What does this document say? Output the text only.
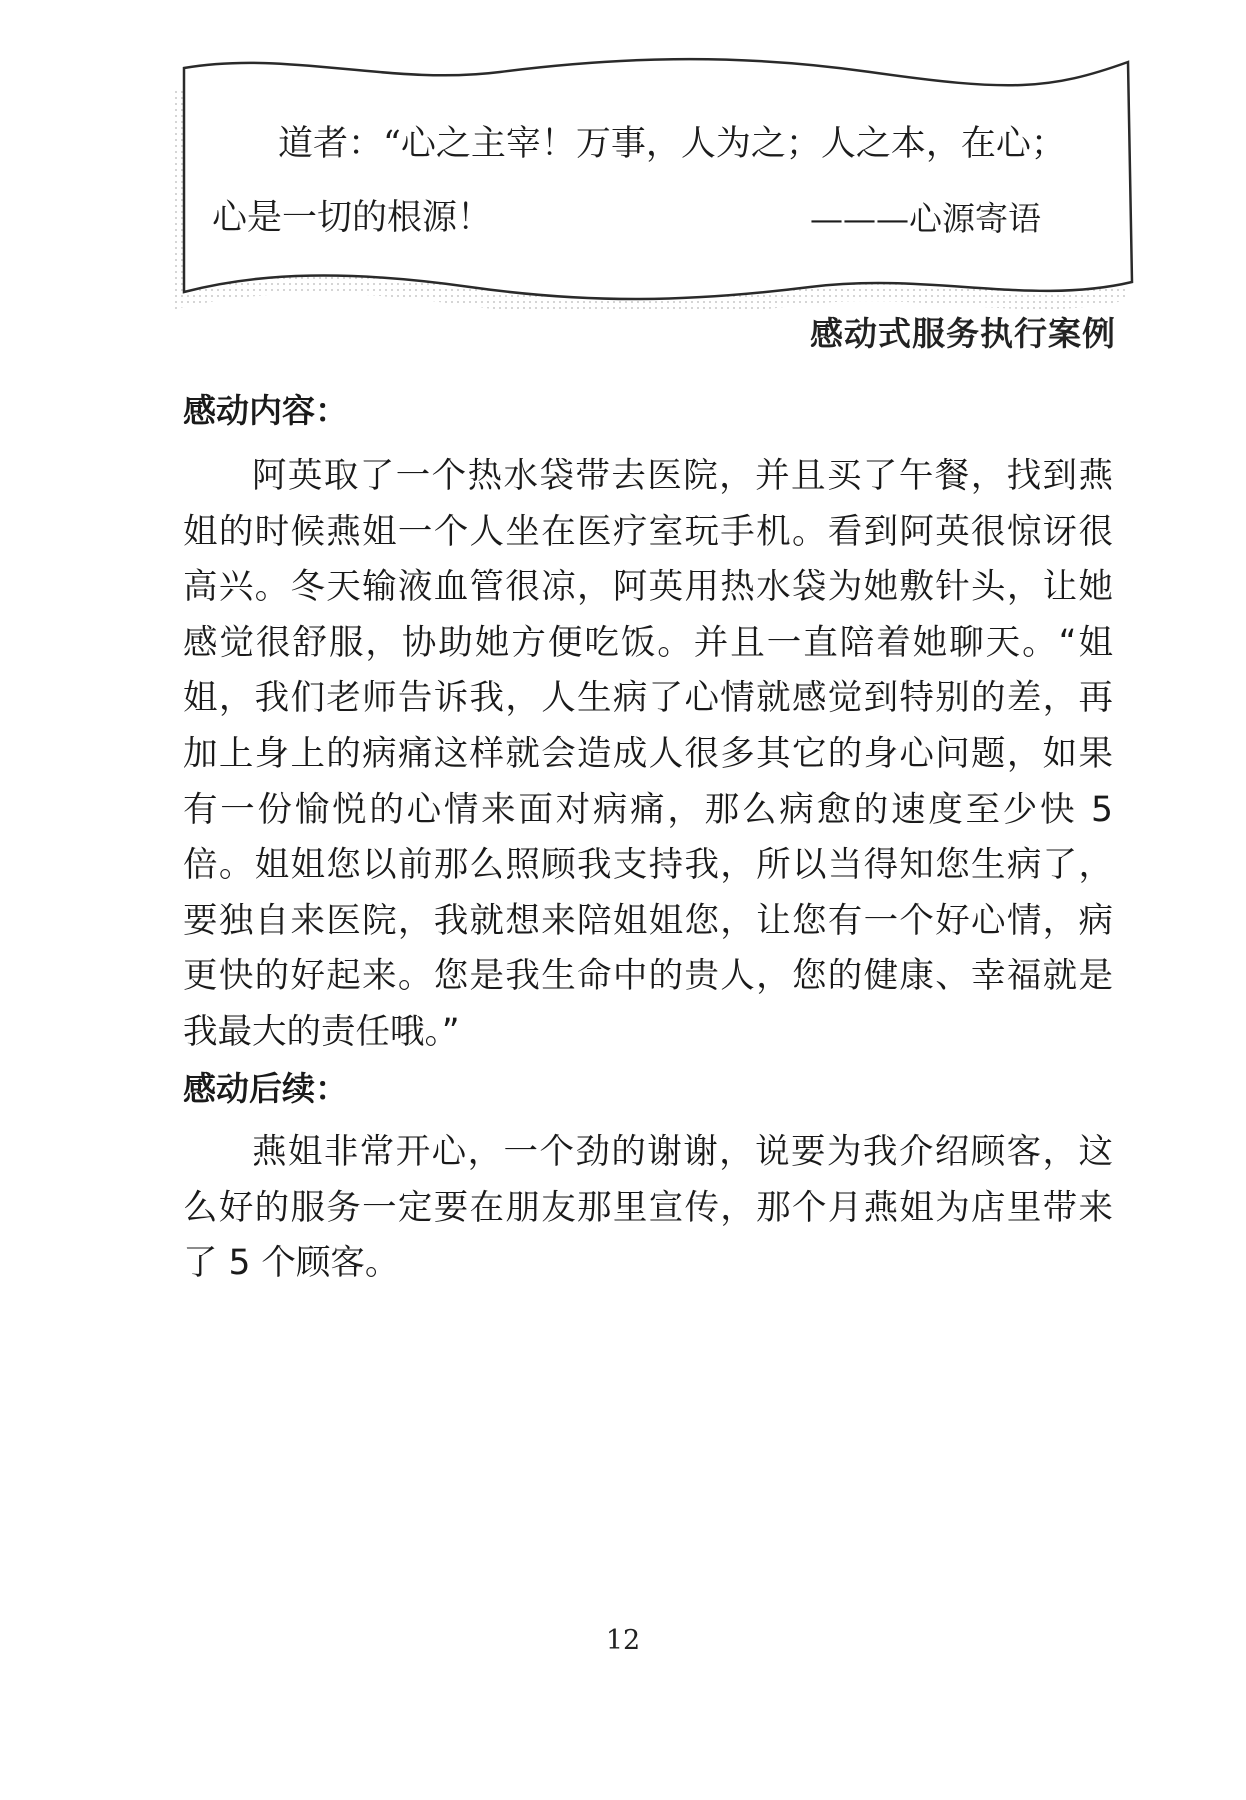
道者：“心之主宰！万事，人为之；人之本，在心；
心是一切的根源！	———心源寄语
感动式服务执行案例
感动内容：
阿英取了一个热水袋带去医院，并且买了午餐，找到燕姐的时候燕姐一个人坐在医疗室玩手机。看到阿英很惊讶很高兴。冬天输液血管很凉，阿英用热水袋为她敷针头，让她感觉很舒服，协助她方便吃饭。并且一直陪着她聊天。“姐姐，我们老师告诉我，人生病了心情就感觉到特别的差，再加上身上的病痛这样就会造成人很多其它的身心问题，如果有一份愉悦的心情来面对病痛，那么病愈的速度至少快 5 倍。姐姐您以前那么照顾我支持我，所以当得知您生病了，要独自来医院，我就想来陪姐姐您，让您有一个好心情，病更快的好起来。您是我生命中的贵人，您的健康、幸福就是我最大的责任哦。”
感动后续：
燕姐非常开心，一个劲的谢谢，说要为我介绍顾客，这么好的服务一定要在朋友那里宣传，那个月燕姐为店里带来了 5 个顾客。
12
